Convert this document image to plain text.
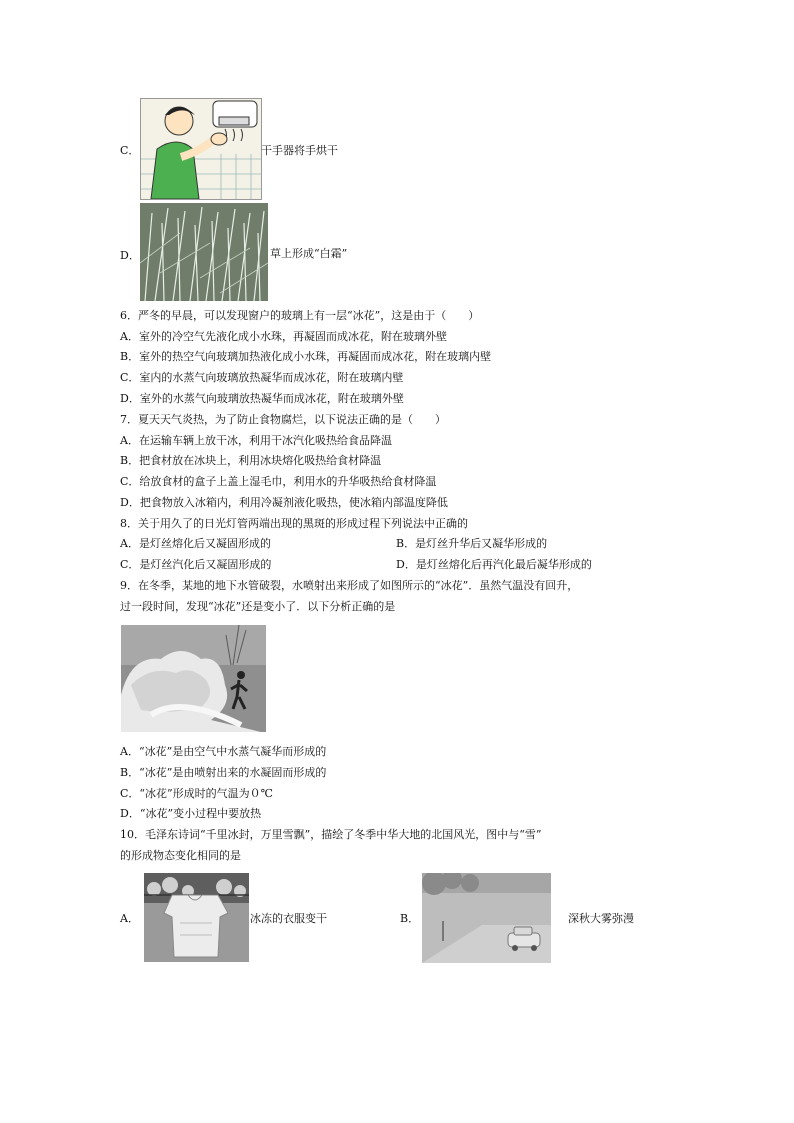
C．	干手器将手烘干
D．	草上形成“白霜”
6．严冬的早晨，可以发现窗户的玻璃上有一层“冰花”，这是由于（　　）
A．室外的冷空气先液化成小水珠，再凝固而成冰花，附在玻璃外壁
B．室外的热空气向玻璃加热液化成小水珠，再凝固而成冰花，附在玻璃内壁
C．室内的水蒸气向玻璃放热凝华而成冰花，附在玻璃内壁
D．室外的水蒸气向玻璃放热凝华而成冰花，附在玻璃外壁
7．夏天天气炎热，为了防止食物腐烂，以下说法正确的是（　　）
A．在运输车辆上放干冰，利用干冰汽化吸热给食品降温
B．把食材放在冰块上，利用冰块熔化吸热给食材降温
C．给放食材的盒子上盖上湿毛巾，利用水的升华吸热给食材降温
D．把食物放入冰箱内，利用冷凝剂液化吸热，使冰箱内部温度降低
8．关于用久了的日光灯管两端出现的黑斑的形成过程下列说法中正确的
A．是灯丝熔化后又凝固形成的	B．是灯丝升华后又凝华形成的
C．是灯丝汽化后又凝固形成的	D．是灯丝熔化后再汽化最后凝华形成的
9．在冬季，某地的地下水管破裂，水喷射出来形成了如图所示的“冰花”．虽然气温没有回升，
过一段时间，发现“冰花”还是变小了．以下分析正确的是
A．“冰花”是由空气中水蒸气凝华而形成的
B．“冰花”是由喷射出来的水凝固而形成的
C．“冰花”形成时的气温为０℃
D．“冰花”变小过程中要放热
10．毛泽东诗词“千里冰封，万里雪飘”，描绘了冬季中华大地的北国风光，图中与“雪”
的形成物态变化相同的是
A．	冰冻的衣服变干	B．	深秋大雾弥漫
